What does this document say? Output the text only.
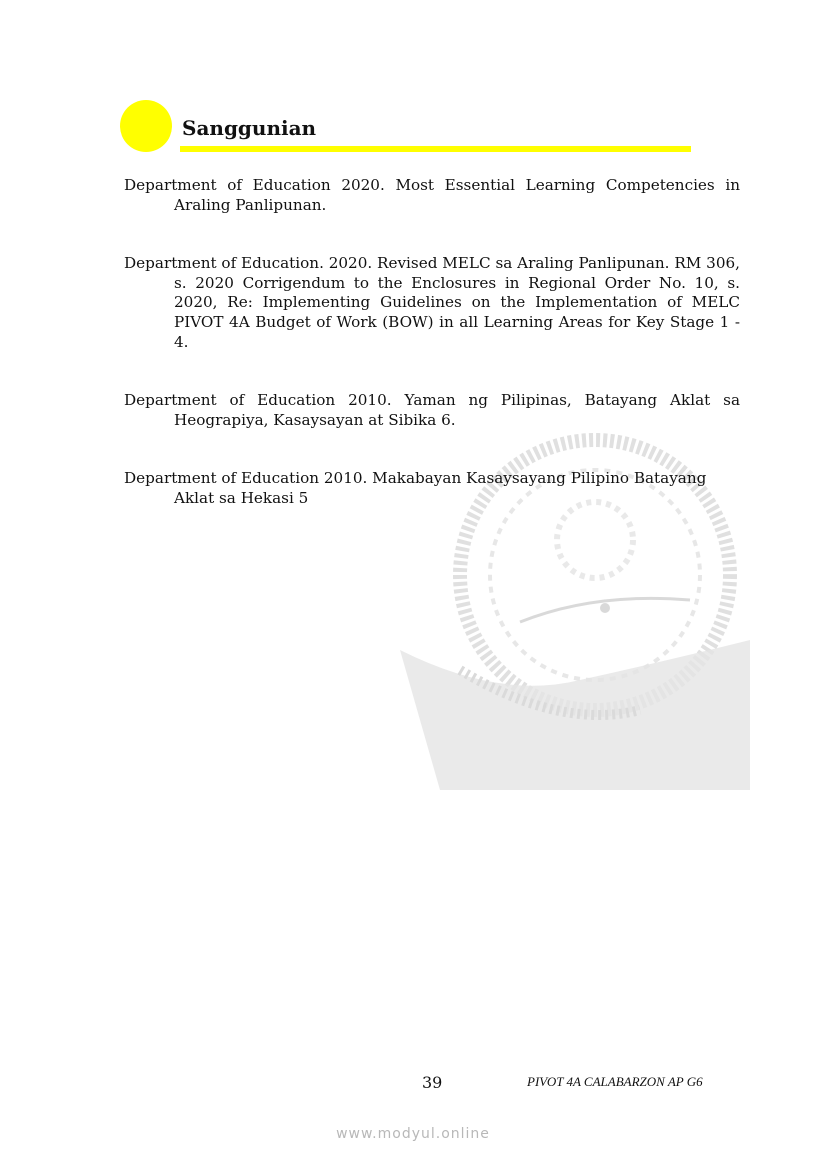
Sanggunian

Department of Education 2020. Most Essential Learning Competencies in Araling Panlipunan.

Department of Education. 2020. Revised MELC sa Araling Panlipunan. RM 306, s. 2020 Corrigendum to the Enclosures in Regional Order No. 10, s. 2020, Re: Implementing Guidelines on the Implementation of MELC PIVOT 4A Budget of Work (BOW) in all Learning Areas for Key Stage 1 - 4.

Department of Education 2010. Yaman ng Pilipinas, Batayang Aklat sa Heograpiya, Kasaysayan at Sibika 6.

Department of Education 2010. Makabayan Kasaysayang Pilipino Batayang Aklat sa Hekasi 5

39	PIVOT 4A CALABARZON AP G6
www.modyul.online
